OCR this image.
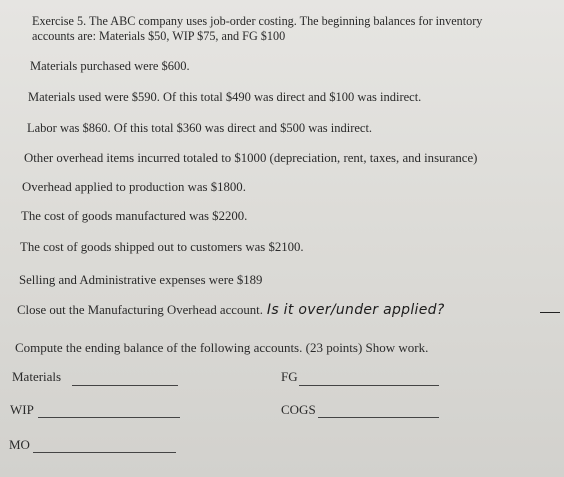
Exercise 5. The ABC company uses job-order costing. The beginning balances for inventory
accounts are: Materials $50, WIP $75, and FG $100
Materials purchased were $600.
Materials used were $590. Of this total $490 was direct and $100 was indirect.
Labor was $860. Of this total $360 was direct and $500 was indirect.
Other overhead items incurred totaled to $1000 (depreciation, rent, taxes, and insurance)
Overhead applied to production was $1800.
The cost of goods manufactured was $2200.
The cost of goods shipped out to customers was $2100.
Selling and Administrative expenses were $189
Close out the Manufacturing Overhead account. Is it over/under applied?
Compute the ending balance of the following accounts. (23 points) Show work.
Materials	FG
WIP	COGS
MO
